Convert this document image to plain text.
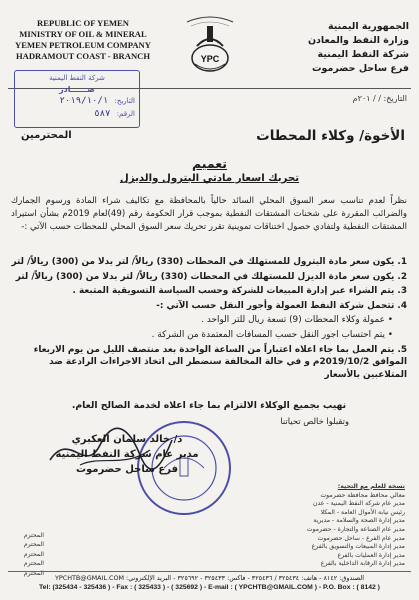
REPUBLIC OF YEMEN
MINISTRY OF OIL & MINERAL
YEMEN PETROLEUM COMPANY
HADRAMOUT COAST - BRANCH	YPC
الجمهورية اليمنية
وزارة النفط والمعادن
شركة النفط اليمنية
فرع ساحل حضرموت
شركة النفط اليمنية
صــــــادر
التاريخ: ٢٠١٩/١٠/١
الرقم: ٥٨٧
التاريخ: / / ٢٠١م
الأخوة/ وكلاء المحطات
المحترمين
تعميم
تحريك اسعار مادتي البترول والديزل
نظراً لعدم تناسب سعر السوق المحلي السائد حالياً بالمحافظة مع تكاليف شراء المادة ورسوم الجمارك والضرائب المقررة على شحنات المشتقات النفطية بموجب قرار الحكومة رقم (49)لعام 2019م بشأن استيراد المشتقات النفطية ولتفادي حصول اختناقات تموينية تقرر تحريك سعر السوق المحلي للمحطات حسب الآتي :-
1. يكون سعر مادة البترول للمستهلك في المحطات (330) ريالاً/ لتر بدلا من (300) ريالاً/ لتر
2. يكون سعر مادة الديزل للمستهلك في المحطات (330) ريالاً/ لتر بدلا من (300) ريالاً/ لتر
3. يتم الشراء عبر إدارة المبيعات للشركة وحسب السياسة التسويقية المتبعة .
4. تتحمل شركة النفط العمولة وأجور النقل حسب الآتي :-
• عمولة وكلاء المحطات (9) تسعة ريال للتر الواحد .
• يتم احتساب اجور النقل حسب المسافات المعتمدة من الشركة .
5. يتم العمل بما جاء اعلاه اعتباراً من الساعة الواحدة بعد منتصف الليل من يوم الاربعاء الموافق 2019/10/2م و في حالة المخالفة سنضطر الى اتخاذ الاجراءات الرادعة ضد المتلاعبين بالأسعار
نهيب بجميع الوكلاء الالتزام بما جاء اعلاه لخدمة الصالح العام.
وتقبلوا خالص تحياتنا
د/ خالد سلمان العكبري
مدير عام شركة النفط اليمنية
فرع ساحل حضرموت
نسخة للعلم مع التحية:
معالي محافظ محافظة حضرموت
مدير عام شركة النفط اليمنية - عدن
رئيس نيابة الأموال العامة - المكلا
مدير إدارة الصحة والسلامة - مديرية
مدير عام الصناعة والتجارة - حضرموت
مدير عام الفرع - ساحل حضرموت
مدير إدارة المبيعات والتسويق بالفرع
مدير إدارة العمليات بالفرع
مدير إدارة الرقابة الداخلية بالفرع
المحترم
المحترم
المحترم
المحترم
المحترم
الصندوق: ٨١٤٢ - هاتف: ٣٢٥٤٣٤ / ٣٢٥٤٣٦ - فاكس: ٣٢٥٤٣٣ - ٣٢٥٦٩٢ - البريد الإلكتروني: YPCHTB@GMAIL.COM
Tel: (325434 - 325436 ) - Fax : ( 325433 ) - ( 325692 ) - E-mail : ( YPCHTB@GMAIL.COM ) - P.O. Box : ( 8142 )
